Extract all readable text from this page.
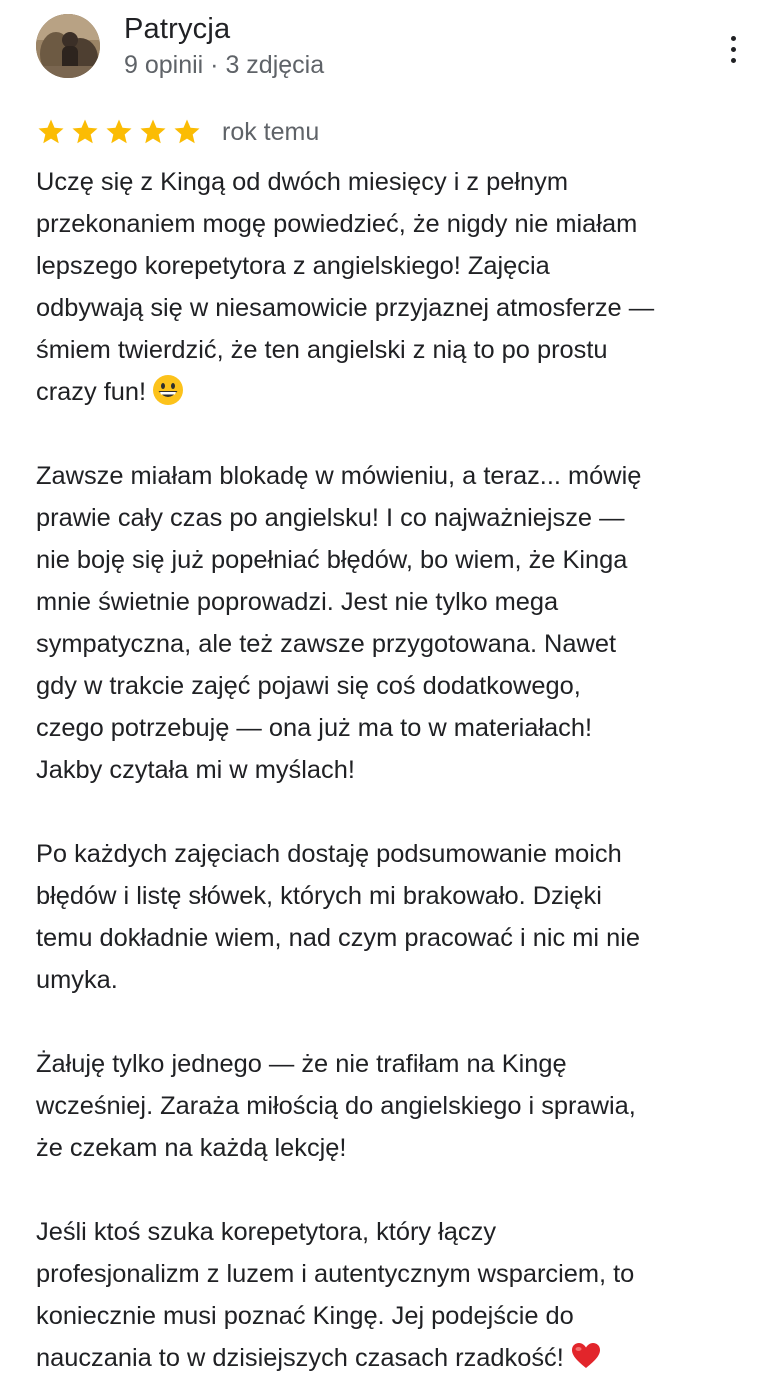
Patrycja
9 opinii · 3 zdjęcia
rok temu
Uczę się z Kingą od dwóch miesięcy i z pełnym
przekonaniem mogę powiedzieć, że nigdy nie miałam
lepszego korepetytora z angielskiego! Zajęcia
odbywają się w niesamowicie przyjaznej atmosferze —
śmiem twierdzić, że ten angielski z nią to po prostu
crazy fun!
Zawsze miałam blokadę w mówieniu, a teraz... mówię
prawie cały czas po angielsku! I co najważniejsze —
nie boję się już popełniać błędów, bo wiem, że Kinga
mnie świetnie poprowadzi. Jest nie tylko mega
sympatyczna, ale też zawsze przygotowana. Nawet
gdy w trakcie zajęć pojawi się coś dodatkowego,
czego potrzebuję — ona już ma to w materiałach!
Jakby czytała mi w myślach!
Po każdych zajęciach dostaję podsumowanie moich
błędów i listę słówek, których mi brakowało. Dzięki
temu dokładnie wiem, nad czym pracować i nic mi nie
umyka.
Żałuję tylko jednego — że nie trafiłam na Kingę
wcześniej. Zaraża miłością do angielskiego i sprawia,
że czekam na każdą lekcję!
Jeśli ktoś szuka korepetytora, który łączy
profesjonalizm z luzem i autentycznym wsparciem, to
koniecznie musi poznać Kingę. Jej podejście do
nauczania to w dzisiejszych czasach rzadkość!
